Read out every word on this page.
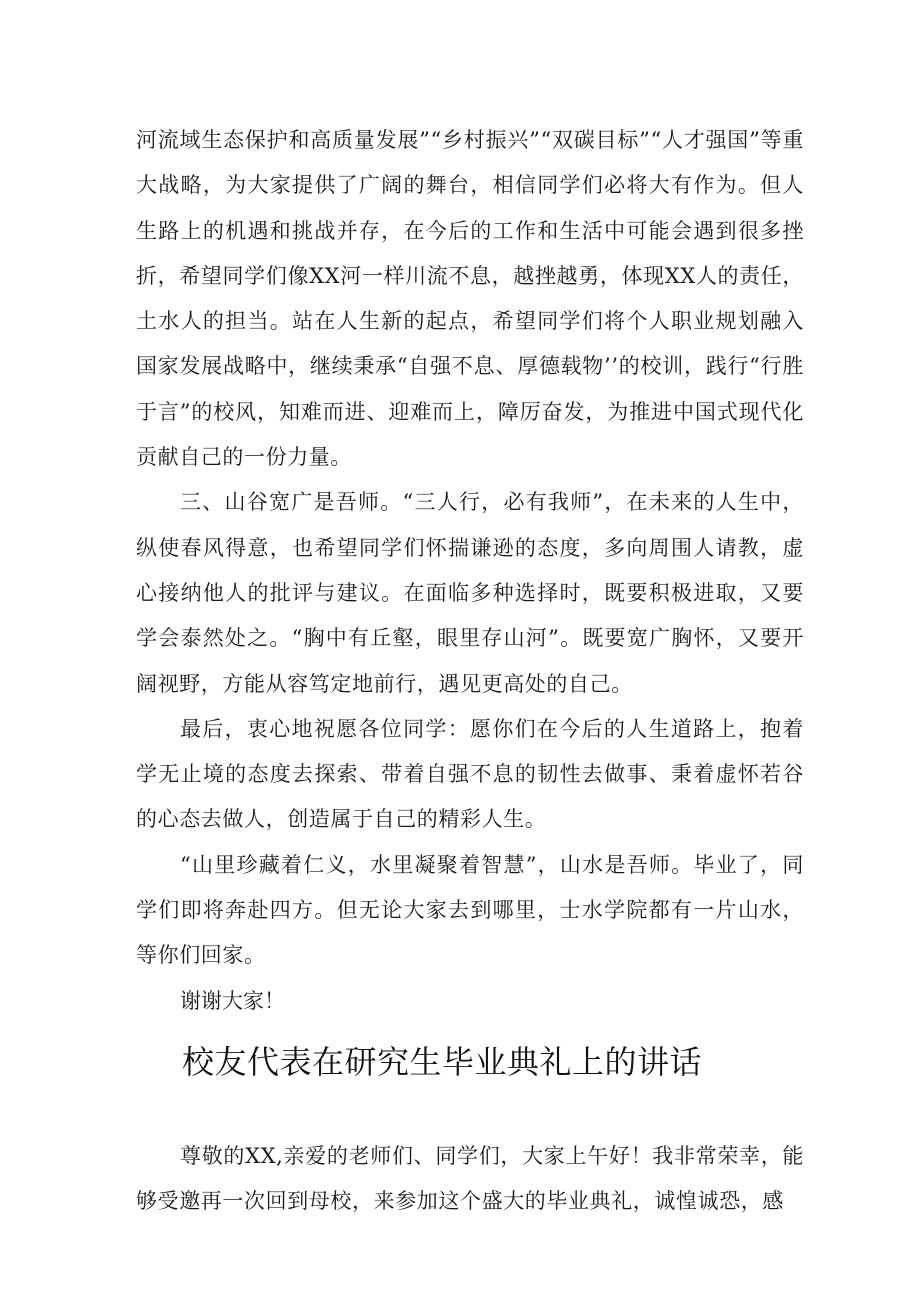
河流域生态保护和高质量发展”“乡村振兴”“双碳目标”“人才强国”等重大战略，为大家提供了广阔的舞台，相信同学们必将大有作为。但人生路上的机遇和挑战并存，在今后的工作和生活中可能会遇到很多挫折，希望同学们像XX河一样川流不息，越挫越勇，体现XX人的责任，土水人的担当。站在人生新的起点，希望同学们将个人职业规划融入国家发展战略中，继续秉承“自强不息、厚德载物’’的校训，践行“行胜于言”的校风，知难而进、迎难而上，障厉奋发，为推进中国式现代化贡献自己的一份力量。

三、山谷宽广是吾师。“三人行，必有我师”，在未来的人生中，纵使春风得意，也希望同学们怀揣谦逊的态度，多向周围人请教，虚心接纳他人的批评与建议。在面临多种选择时，既要积极进取，又要学会泰然处之。“胸中有丘壑，眼里存山河”。既要宽广胸怀，又要开阔视野，方能从容笃定地前行，遇见更高处的自己。

最后，衷心地祝愿各位同学：愿你们在今后的人生道路上，抱着学无止境的态度去探索、带着自强不息的韧性去做事、秉着虚怀若谷的心态去做人，创造属于自己的精彩人生。

“山里珍藏着仁义，水里凝聚着智慧”，山水是吾师。毕业了，同学们即将奔赴四方。但无论大家去到哪里，士水学院都有一片山水，等你们回家。

谢谢大家！

校友代表在研究生毕业典礼上的讲话

尊敬的XX,亲爱的老师们、同学们，大家上午好！我非常荣幸，能够受邀再一次回到母校，来参加这个盛大的毕业典礼，诚惶诚恐，感
